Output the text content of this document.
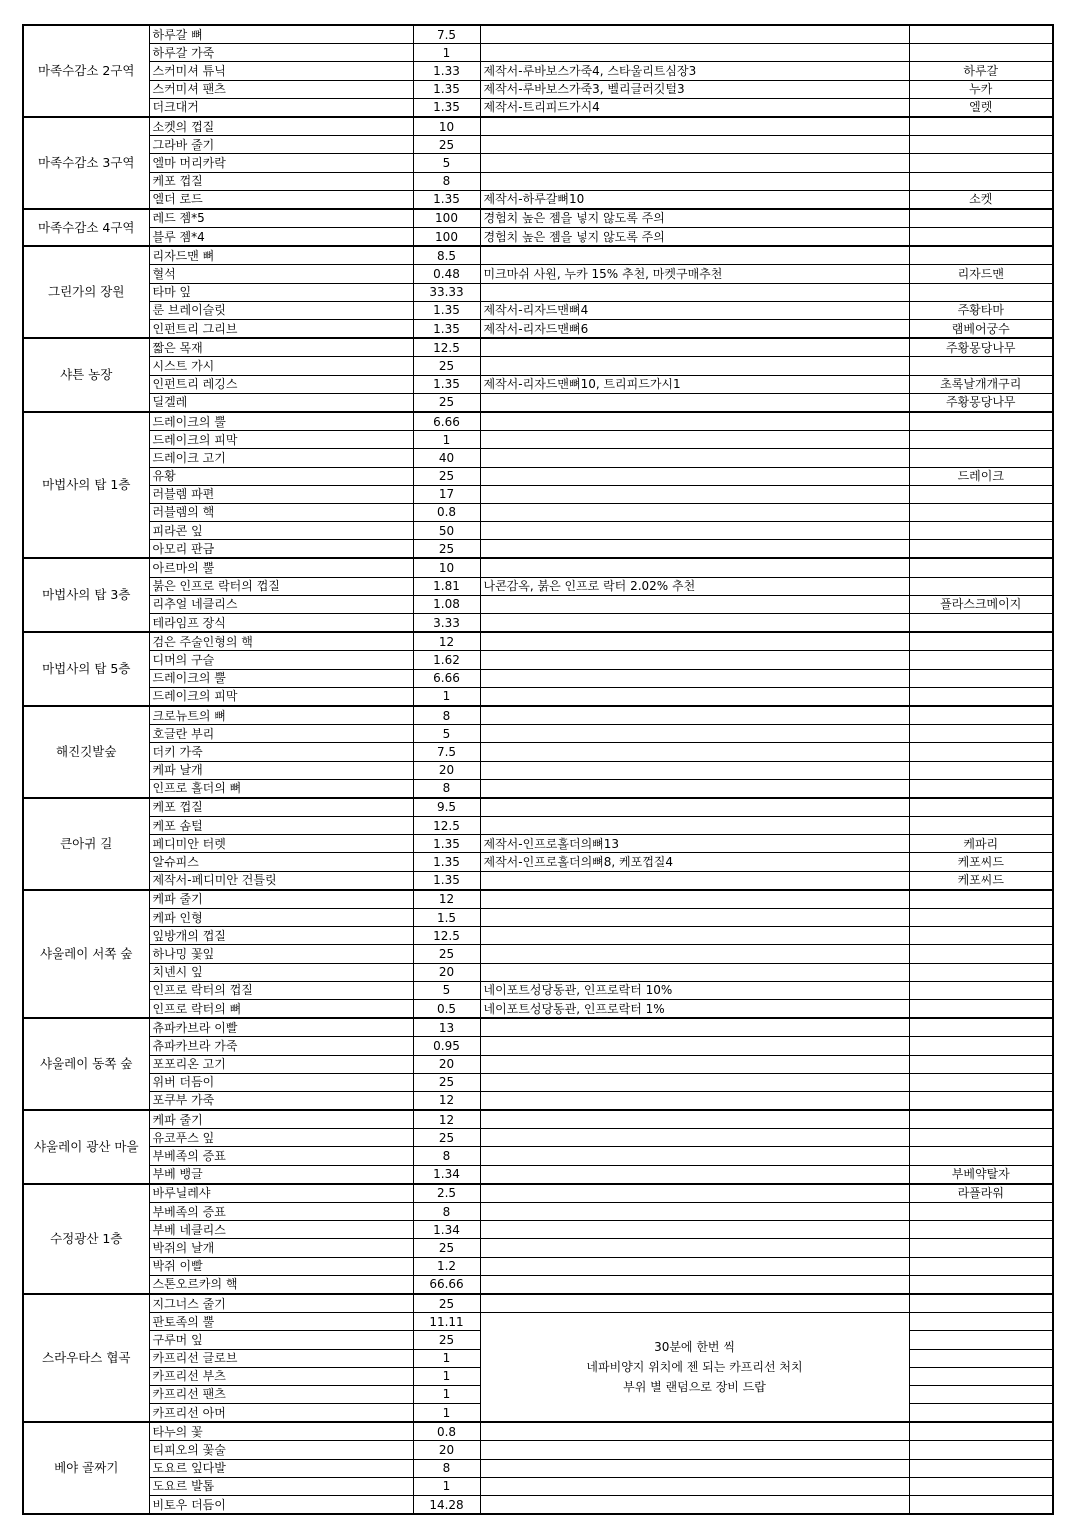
마족수감소 2구역	하루갈 뼈	7.5		
	하루갈 가죽	1		
	스커미셔 튜닉	1.33	제작서-루바보스가죽4, 스타울리트심장3	하루갈
	스커미셔 팬츠	1.35	제작서-루바보스가죽3, 벨리글러깃털3	누카
	더크대거	1.35	제작서-트리피드가시4	엘렛
마족수감소 3구역	소켓의 껍질	10		
	그라바 줄기	25		
	엘마 머리카락	5		
	케포 껍질	8		
	엘더 로드	1.35	제작서-하루갈뼈10	소켓
마족수감소 4구역	레드 젬*5	100	경험치 높은 젬을 넣지 않도록 주의	
	블루 젬*4	100	경험치 높은 젬을 넣지 않도록 주의	
그린가의 장원	리자드맨 뼈	8.5		
	혈석	0.48	미크마쉬 사원, 누카 15% 추천, 마켓구매추천	리자드맨
	타마 잎	33.33		
	룬 브레이슬릿	1.35	제작서-리자드맨뼈4	주황타마
	인펀트리 그리브	1.35	제작서-리자드맨뼈6	램베어궁수
샤튼 농장	짧은 목재	12.5		주황몽당나무
	시스트 가시	25		
	인펀트리 레깅스	1.35	제작서-리자드맨뼈10, 트리피드가시1	초록날개개구리
	딜겔레	25		주황몽당나무
마법사의 탑 1층	드레이크의 뿔	6.66		
	드레이크의 피막	1		
	드레이크 고기	40		
	유황	25		드레이크
	러블렘 파편	17		
	러블렘의 핵	0.8		
	피라콘 잎	50		
	아모리 판금	25		
마법사의 탑 3층	아르마의 뿔	10		
	붉은 인프로 락터의 껍질	1.81	나콘감옥, 붉은 인프로 락터 2.02% 추천	
	리추얼 네클리스	1.08		플라스크메이지
	테라임프 장식	3.33		
마법사의 탑 5층	검은 주술인형의 핵	12		
	디머의 구슬	1.62		
	드레이크의 뿔	6.66		
	드레이크의 피막	1		
해진깃발숲	크로뉴트의 뼈	8		
	호글란 부리	5		
	더키 가죽	7.5		
	케파 날개	20		
	인프로 홀더의 뼈	8		
큰아귀 길	케포 껍질	9.5		
	케포 솜털	12.5		
	페디미안 터렛	1.35	제작서-인프로홀더의뼈13	케파리
	알슈피스	1.35	제작서-인프로홀더의뼈8, 케포껍질4	케포씨드
	제작서-페디미안 건틀릿	1.35		케포씨드
샤울레이 서쪽 숲	케파 줄기	12		
	케파 인형	1.5		
	잎방개의 껍질	12.5		
	하나밍 꽃잎	25		
	치넨시 잎	20		
	인프로 락터의 껍질	5	네이포트성당동관, 인프로락터 10%	
	인프로 락터의 뼈	0.5	네이포트성당동관, 인프로락터 1%	
샤울레이 동쪽 숲	츄파카브라 이빨	13		
	츄파카브라 가죽	0.95		
	포포리온 고기	20		
	위버 더듬이	25		
	포쿠부 가죽	12		
샤울레이 광산 마을	케파 줄기	12		
	유코푸스 잎	25		
	부베족의 증표	8		
	부베 뱅글	1.34		부베약탈자
수정광산 1층	바루닐레샤	2.5		라플라워
	부베족의 증표	8		
	부베 네클리스	1.34		
	박쥐의 날개	25		
	박쥐 이빨	1.2		
	스톤오르카의 핵	66.66		
스라우타스 협곡	지그너스 줄기	25		
	판토족의 뿔	11.11	30분에 한번 씩
네파비양지 위치에 젠 되는 카프리선 처치
부위 별 랜덤으로 장비 드랍	

	구루머 잎	25		
	카프리선 글로브	1		
	카프리선 부츠	1		
	카프리선 팬츠	1		
	카프리선 아머	1		
베야 골짜기	타누의 꽃	0.8		
	티피오의 꽃술	20		
	도요르 잎다발	8		
	도요르 발톱	1		
	비토우 더듬이	14.28		
